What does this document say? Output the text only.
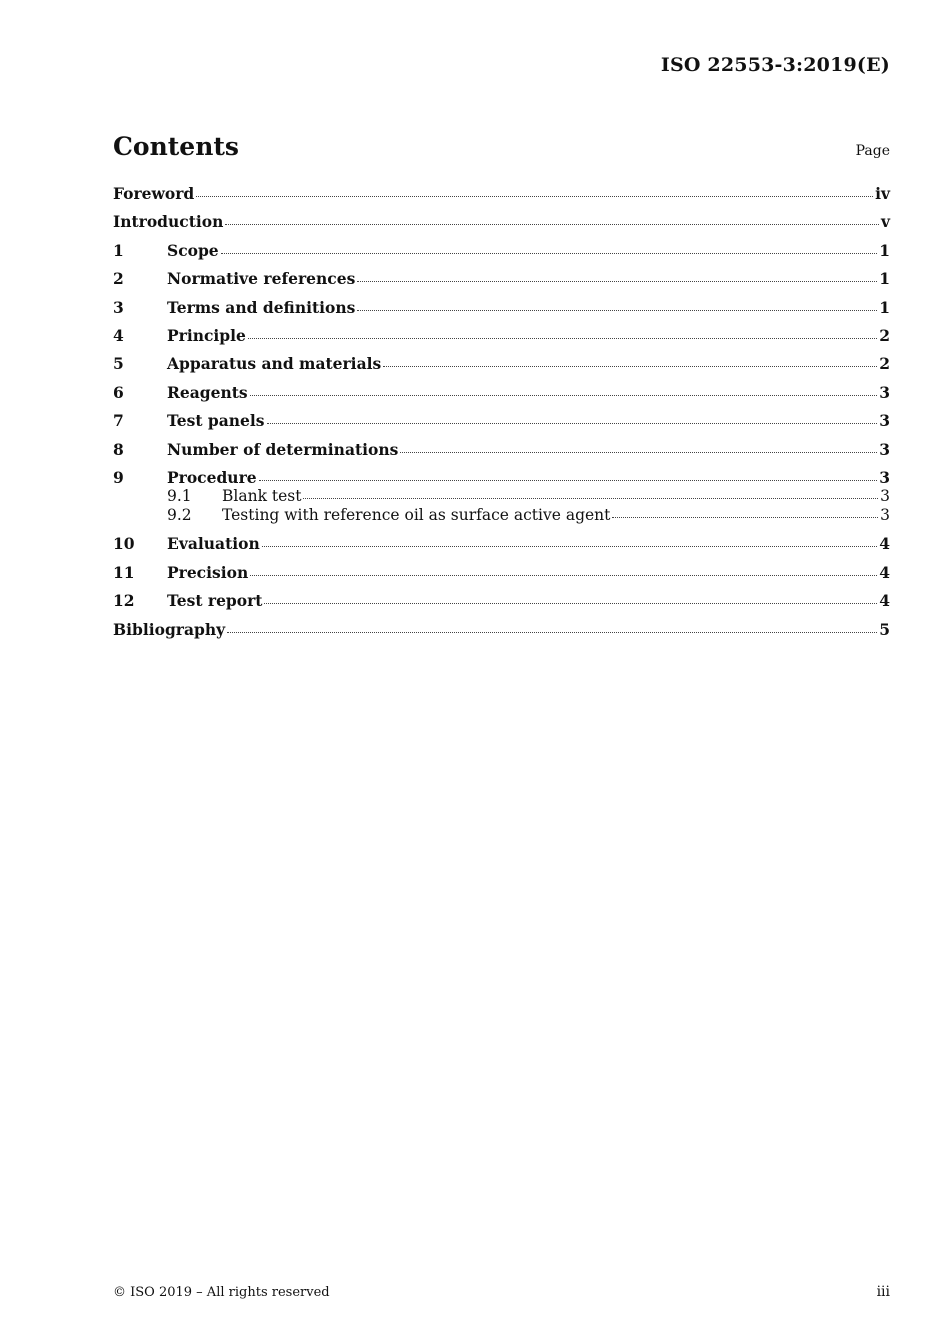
ISO 22553-3:2019(E)
Contents	Page
Foreword	iv
Introduction	v
1	Scope	1
2	Normative references	1
3	Terms and definitions	1
4	Principle	2
5	Apparatus and materials	2
6	Reagents	3
7	Test panels	3
8	Number of determinations	3
9	Procedure	3
9.1	Blank test	3
9.2	Testing with reference oil as surface active agent	3
10	Evaluation	4
11	Precision	4
12	Test report	4
Bibliography	5
© ISO 2019 – All rights reserved	iii
